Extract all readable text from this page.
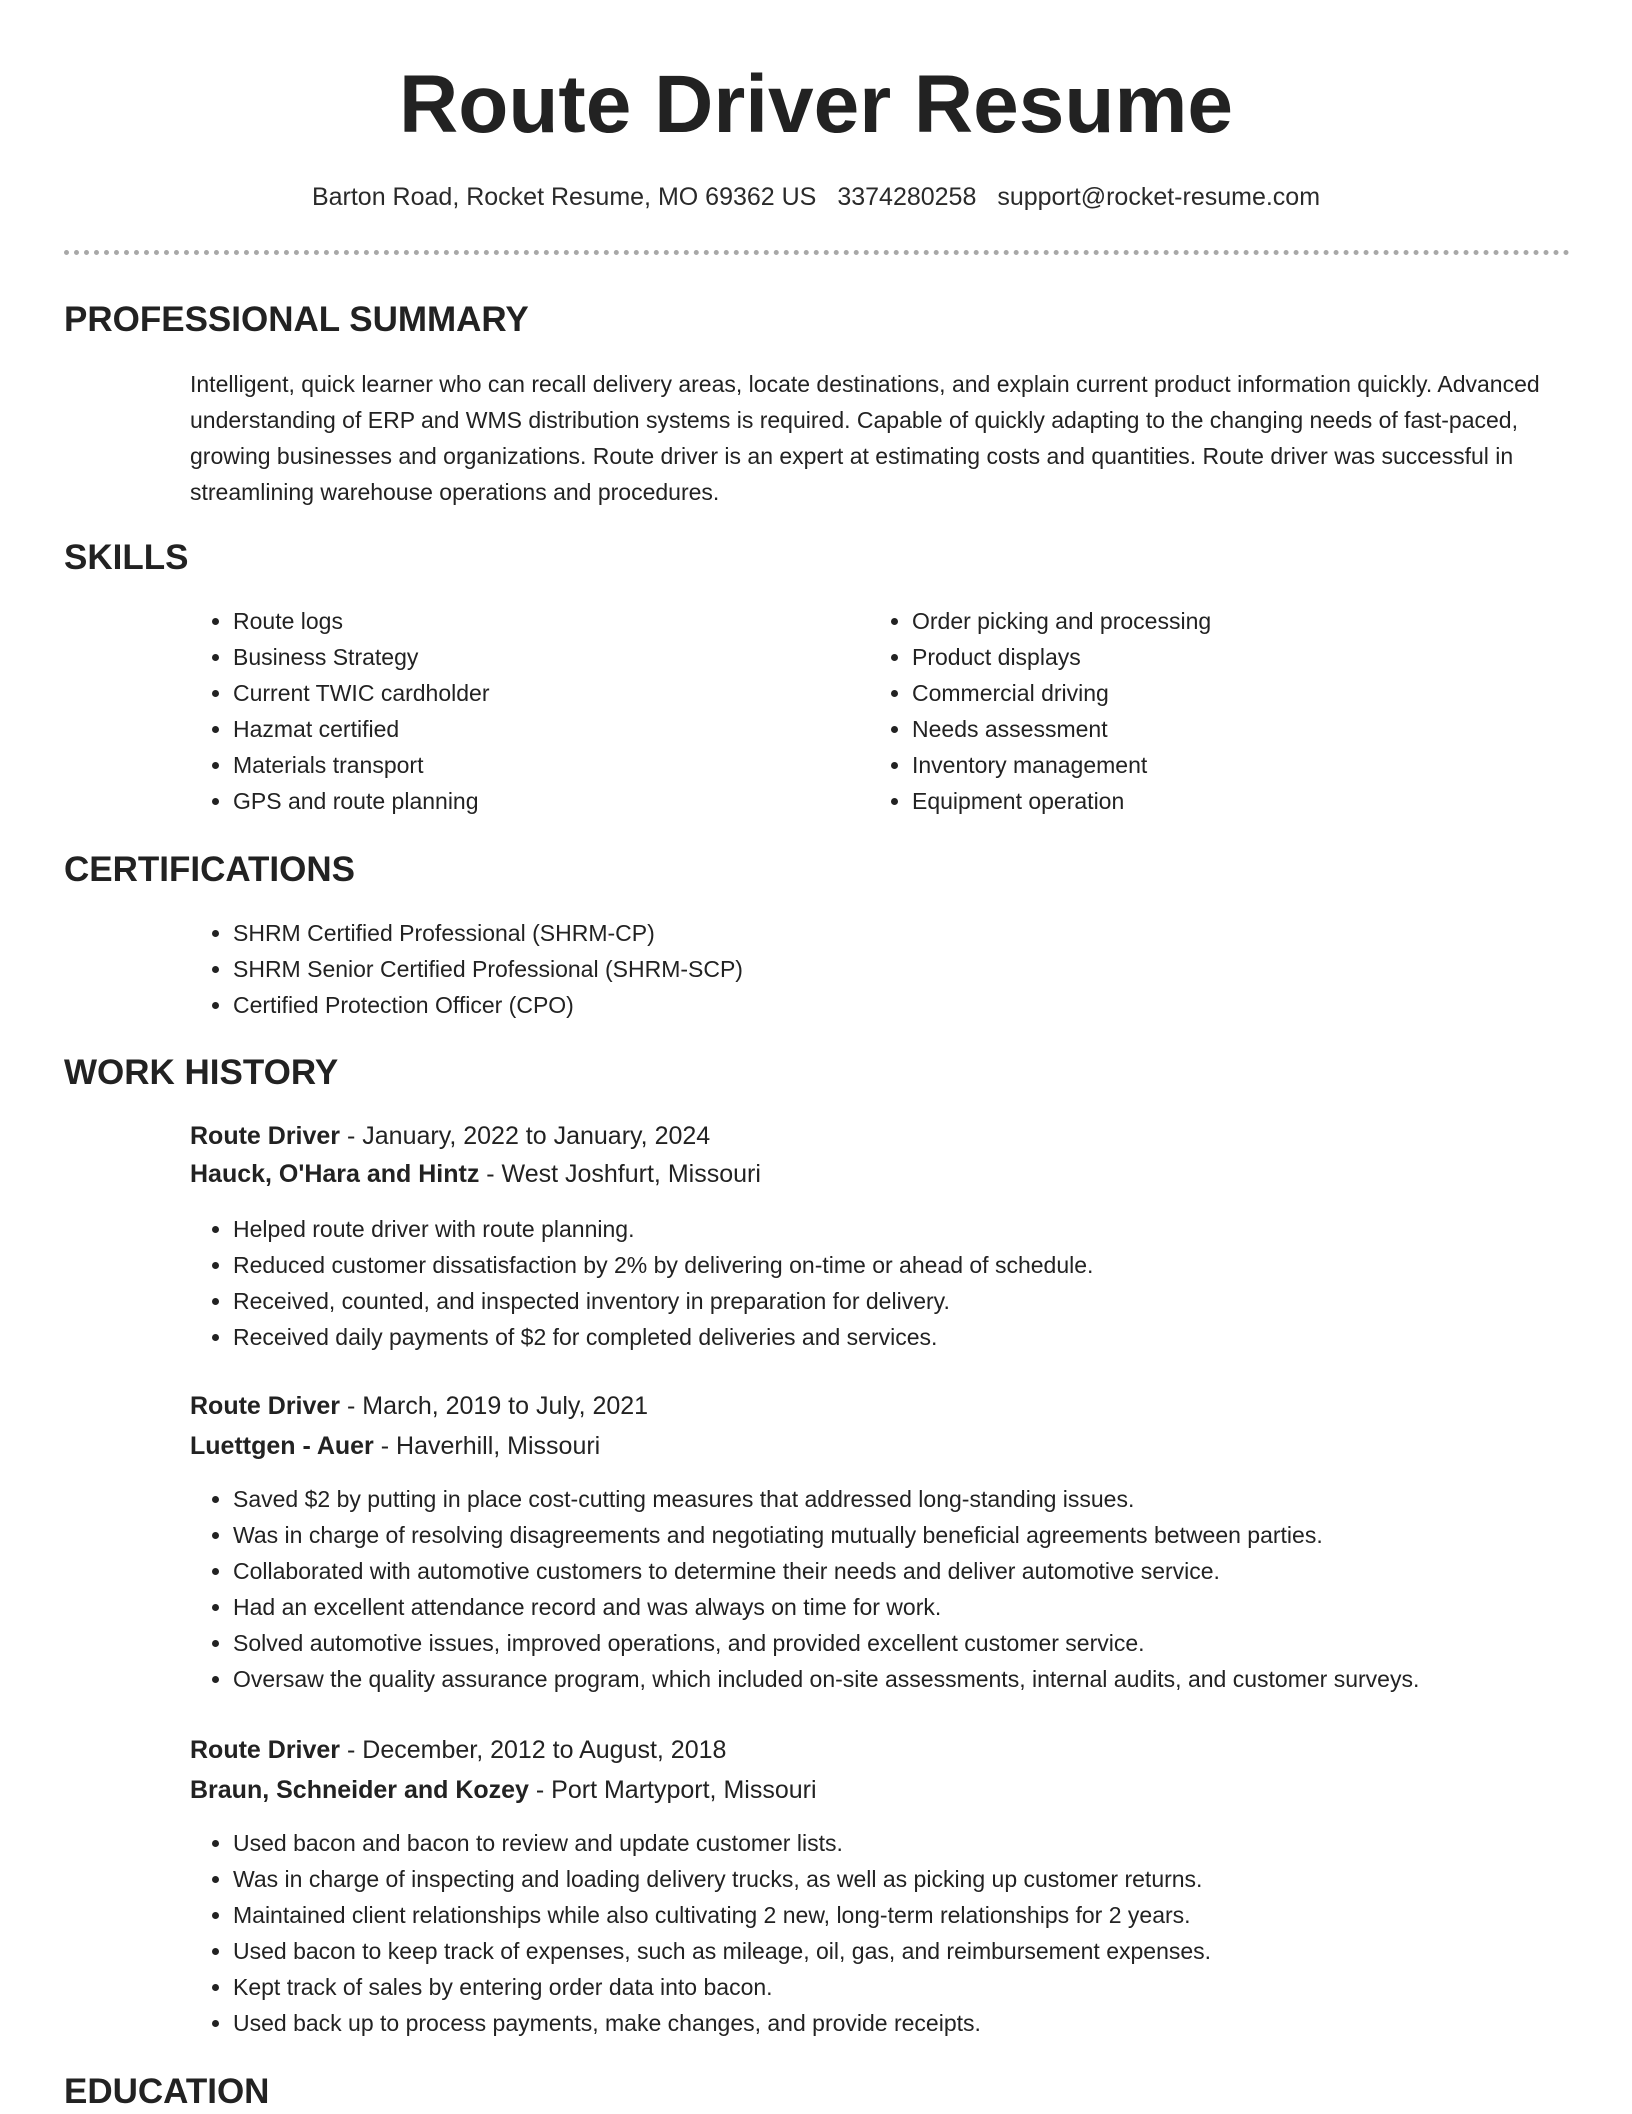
Route Driver Resume
Barton Road, Rocket Resume, MO 69362 US 3374280258 support@rocket-resume.com
PROFESSIONAL SUMMARY

Intelligent, quick learner who can recall delivery areas, locate destinations, and explain current product information quickly. Advanced understanding of ERP and WMS distribution systems is required. Capable of quickly adapting to the changing needs of fast-paced, growing businesses and organizations. Route driver is an expert at estimating costs and quantities. Route driver was successful in streamlining warehouse operations and procedures.

SKILLS
• Route logs
• Business Strategy
• Current TWIC cardholder
• Hazmat certified
• Materials transport
• GPS and route planning
• Order picking and processing
• Product displays
• Commercial driving
• Needs assessment
• Inventory management
• Equipment operation
CERTIFICATIONS
• SHRM Certified Professional (SHRM-CP)
• SHRM Senior Certified Professional (SHRM-SCP)
• Certified Protection Officer (CPO)
WORK HISTORY
Route Driver - January, 2022 to January, 2024
Hauck, O'Hara and Hintz - West Joshfurt, Missouri
• Helped route driver with route planning.
• Reduced customer dissatisfaction by 2% by delivering on-time or ahead of schedule.
• Received, counted, and inspected inventory in preparation for delivery.
• Received daily payments of $2 for completed deliveries and services.
Route Driver - March, 2019 to July, 2021
Luettgen - Auer - Haverhill, Missouri
• Saved $2 by putting in place cost-cutting measures that addressed long-standing issues.
• Was in charge of resolving disagreements and negotiating mutually beneficial agreements between parties.
• Collaborated with automotive customers to determine their needs and deliver automotive service.
• Had an excellent attendance record and was always on time for work.
• Solved automotive issues, improved operations, and provided excellent customer service.
• Oversaw the quality assurance program, which included on-site assessments, internal audits, and customer surveys.
Route Driver - December, 2012 to August, 2018
Braun, Schneider and Kozey - Port Martyport, Missouri
• Used bacon and bacon to review and update customer lists.
• Was in charge of inspecting and loading delivery trucks, as well as picking up customer returns.
• Maintained client relationships while also cultivating 2 new, long-term relationships for 2 years.
• Used bacon to keep track of expenses, such as mileage, oil, gas, and reimbursement expenses.
• Kept track of sales by entering order data into bacon.
• Used back up to process payments, make changes, and provide receipts.
EDUCATION
